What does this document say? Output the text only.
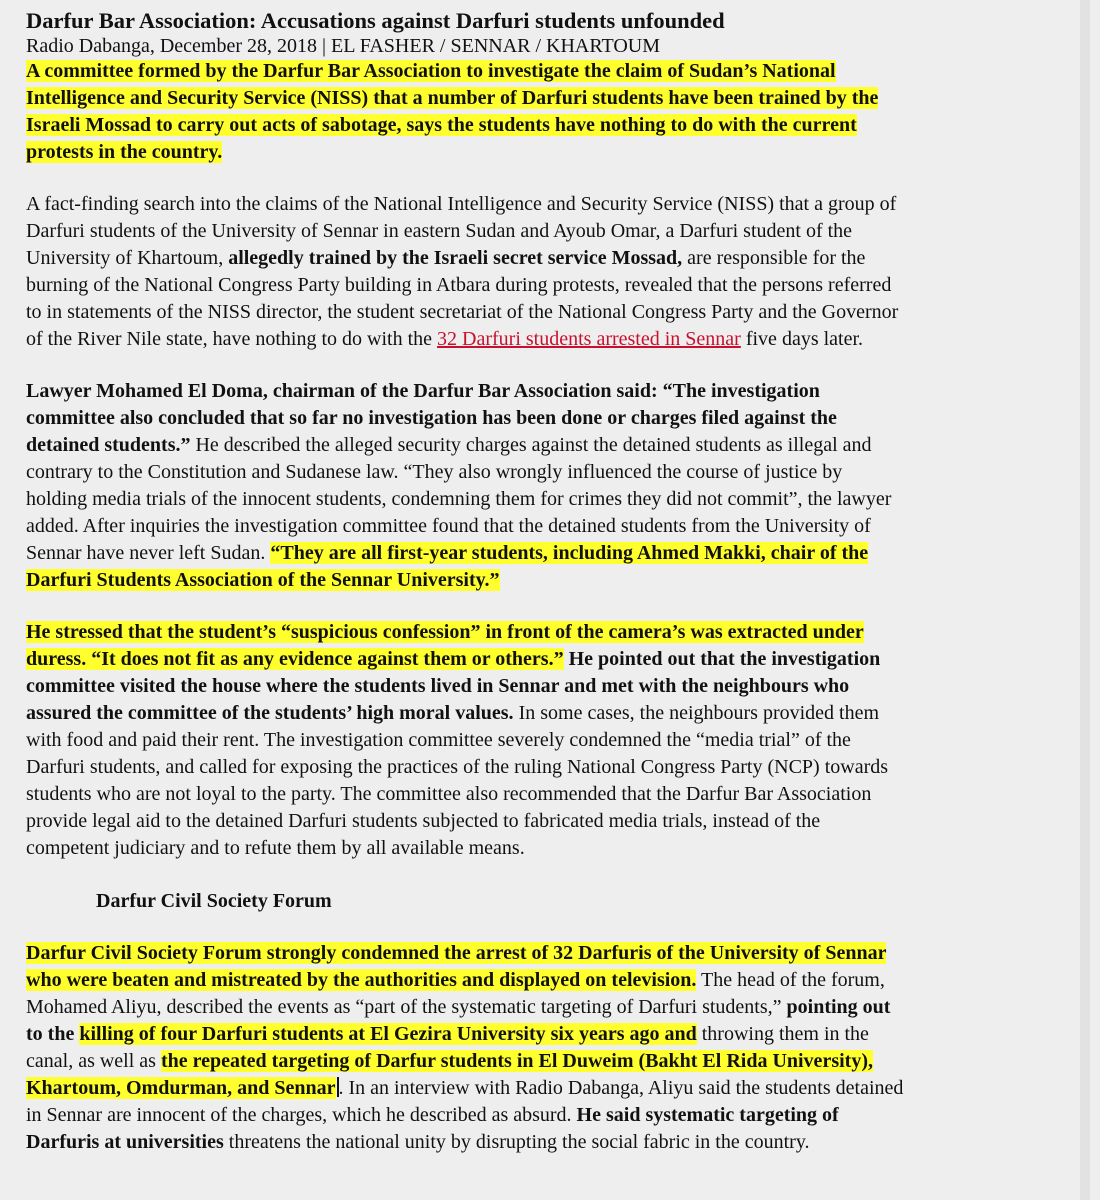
Darfur Bar Association: Accusations against Darfuri students unfounded

Radio Dabanga, December 28, 2018 | EL FASHER / SENNAR / KHARTOUM

A committee formed by the Darfur Bar Association to investigate the claim of Sudan’s National
Intelligence and Security Service (NISS) that a number of Darfuri students have been trained by the
Israeli Mossad to carry out acts of sabotage, says the students have nothing to do with the current
protests in the country.

A fact-finding search into the claims of the National Intelligence and Security Service (NISS) that a group of
Darfuri students of the University of Sennar in eastern Sudan and Ayoub Omar, a Darfuri student of the
University of Khartoum, allegedly trained by the Israeli secret service Mossad, are responsible for the
burning of the National Congress Party building in Atbara during protests, revealed that the persons referred
to in statements of the NISS director, the student secretariat of the National Congress Party and the Governor
of the River Nile state, have nothing to do with the 32 Darfuri students arrested in Sennar five days later.

Lawyer Mohamed El Doma, chairman of the Darfur Bar Association said: “The investigation
committee also concluded that so far no investigation has been done or charges filed against the
detained students.” He described the alleged security charges against the detained students as illegal and
contrary to the Constitution and Sudanese law. “They also wrongly influenced the course of justice by
holding media trials of the innocent students, condemning them for crimes they did not commit”, the lawyer
added. After inquiries the investigation committee found that the detained students from the University of
Sennar have never left Sudan. “They are all first-year students, including Ahmed Makki, chair of the
Darfuri Students Association of the Sennar University.”

He stressed that the student’s “suspicious confession” in front of the camera’s was extracted under
duress. “It does not fit as any evidence against them or others.” He pointed out that the investigation
committee visited the house where the students lived in Sennar and met with the neighbours who
assured the committee of the students’ high moral values. In some cases, the neighbours provided them
with food and paid their rent. The investigation committee severely condemned the “media trial” of the
Darfuri students, and called for exposing the practices of the ruling National Congress Party (NCP) towards
students who are not loyal to the party. The committee also recommended that the Darfur Bar Association
provide legal aid to the detained Darfuri students subjected to fabricated media trials, instead of the
competent judiciary and to refute them by all available means.

Darfur Civil Society Forum

Darfur Civil Society Forum strongly condemned the arrest of 32 Darfuris of the University of Sennar
who were beaten and mistreated by the authorities and displayed on television. The head of the forum,
Mohamed Aliyu, described the events as “part of the systematic targeting of Darfuri students,” pointing out
to the killing of four Darfuri students at El Gezira University six years ago and throwing them in the
canal, as well as the repeated targeting of Darfur students in El Duweim (Bakht El Rida University),
Khartoum, Omdurman, and Sennar . In an interview with Radio Dabanga, Aliyu said the students detained
in Sennar are innocent of the charges, which he described as absurd. He said systematic targeting of
Darfuris at universities threatens the national unity by disrupting the social fabric in the country.
